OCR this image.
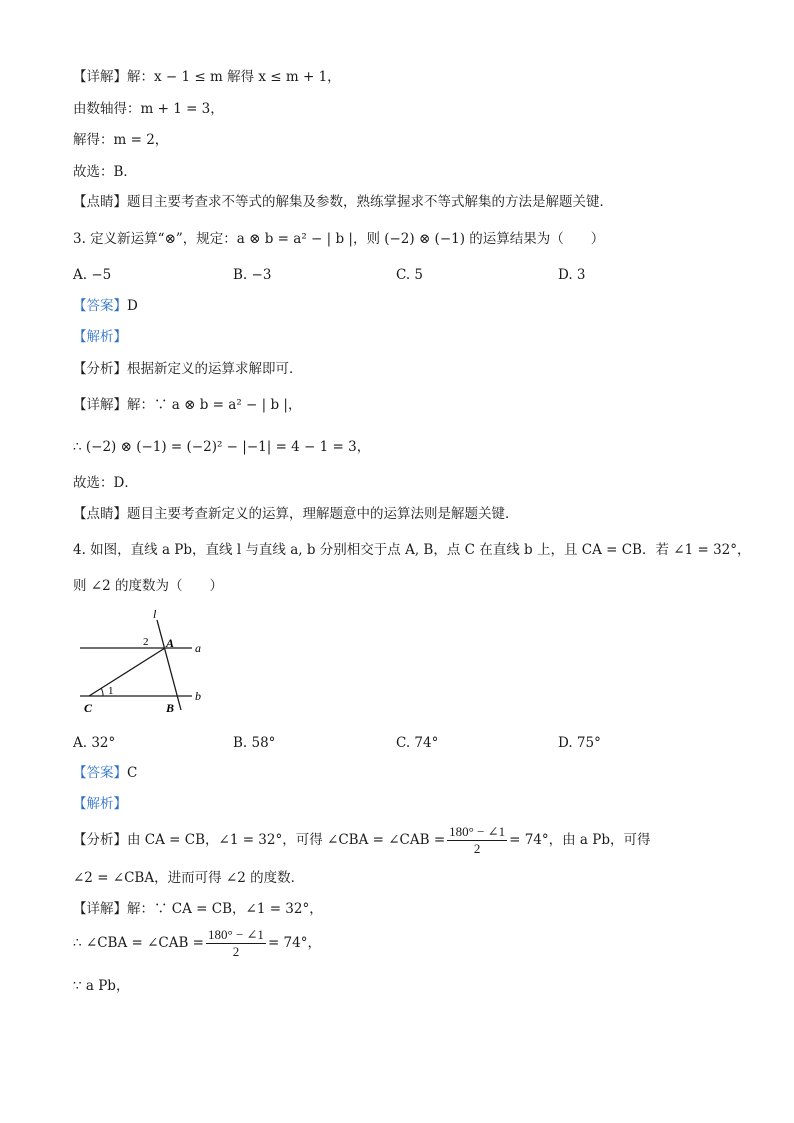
【详解】解：x − 1 ≤ m 解得 x ≤ m + 1，
由数轴得：m + 1 = 3，
解得：m = 2，
故选：B．
【点睛】题目主要考查求不等式的解集及参数，熟练掌握求不等式解集的方法是解题关键．
3. 定义新运算“⊗”，规定：a ⊗ b = a² − | b |，则 (−2) ⊗ (−1) 的运算结果为（　　）
A. −5	B. −3	C. 5	D. 3
【答案】D
【解析】
【分析】根据新定义的运算求解即可．
【详解】解：∵ a ⊗ b = a² − | b |，
∴ (−2) ⊗ (−1) = (−2)² − |−1| = 4 − 1 = 3，
故选：D．
【点睛】题目主要考查新定义的运算，理解题意中的运算法则是解题关键．
4. 如图，直线 a Pb，直线 l 与直线 a, b 分别相交于点 A, B，点 C 在直线 b 上，且 CA = CB．若 ∠1 = 32°，
则 ∠2 的度数为（　　）
l
2 A a
1
C	B
b
A. 32°	B. 58°	C. 74°	D. 75°
【答案】C
【解析】
【分析】由 CA = CB，∠1 = 32°，可得 ∠CBA = ∠CAB = $\frac{180^\circ - \angle 1}{2} = 74^\circ$，由 a Pb，可得
∠2 = ∠CBA，进而可得 ∠2 的度数．
【详解】解：∵ CA = CB，∠1 = 32°，
∴ ∠CBA = ∠CAB = $\frac{180^\circ - \angle 1}{2} = 74^\circ$，
∵ a Pb，
